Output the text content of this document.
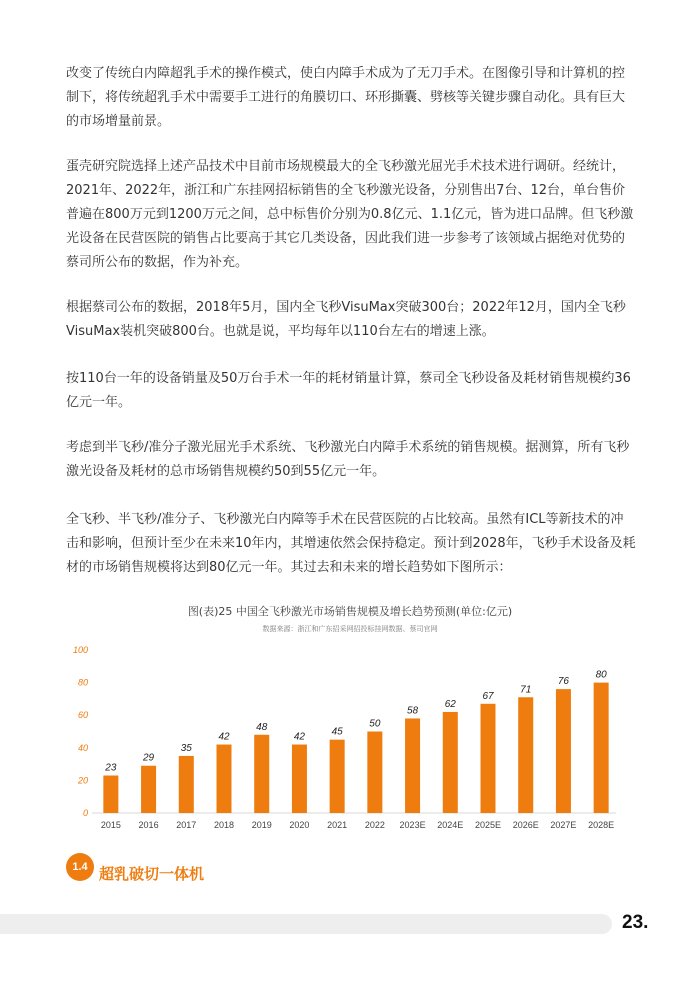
改变了传统白内障超乳手术的操作模式，使白内障手术成为了无刀手术。在图像引导和计算机的控制下，将传统超乳手术中需要手工进行的角膜切口、环形撕囊、劈核等关键步骤自动化。具有巨大的市场增量前景。

蛋壳研究院选择上述产品技术中目前市场规模最大的全飞秒激光屈光手术技术进行调研。经统计，2021年、2022年，浙江和广东挂网招标销售的全飞秒激光设备，分别售出7台、12台，单台售价普遍在800万元到1200万元之间，总中标售价分别为0.8亿元、1.1亿元，皆为进口品牌。但飞秒激光设备在民营医院的销售占比要高于其它几类设备，因此我们进一步参考了该领域占据绝对优势的蔡司所公布的数据，作为补充。

根据蔡司公布的数据，2018年5月，国内全飞秒VisuMax突破300台；2022年12月，国内全飞秒VisuMax装机突破800台。也就是说，平均每年以110台左右的增速上涨。

按110台一年的设备销量及50万台手术一年的耗材销量计算，蔡司全飞秒设备及耗材销售规模约36亿元一年。

考虑到半飞秒/准分子激光屈光手术系统、飞秒激光白内障手术系统的销售规模。据测算，所有飞秒激光设备及耗材的总市场销售规模约50到55亿元一年。

全飞秒、半飞秒/准分子、飞秒激光白内障等手术在民营医院的占比较高。虽然有ICL等新技术的冲击和影响，但预计至少在未来10年内，其增速依然会保持稳定。预计到2028年，飞秒手术设备及耗材的市场销售规模将达到80亿元一年。其过去和未来的增长趋势如下图所示：

图(表)25 中国全飞秒激光市场销售规模及增长趋势预测(单位:亿元)
数据来源：浙江和广东招采网招投标挂网数据、蔡司官网
0
20
40
60
80
100
23
2015
29
2016
35
2017
42
2018
48
2019
42
2020
45
2021
50
2022
58
2023E
62
2024E
67
2025E
71
2026E
76
2027E
80
2028E
1.4 超乳破切一体机
23.
